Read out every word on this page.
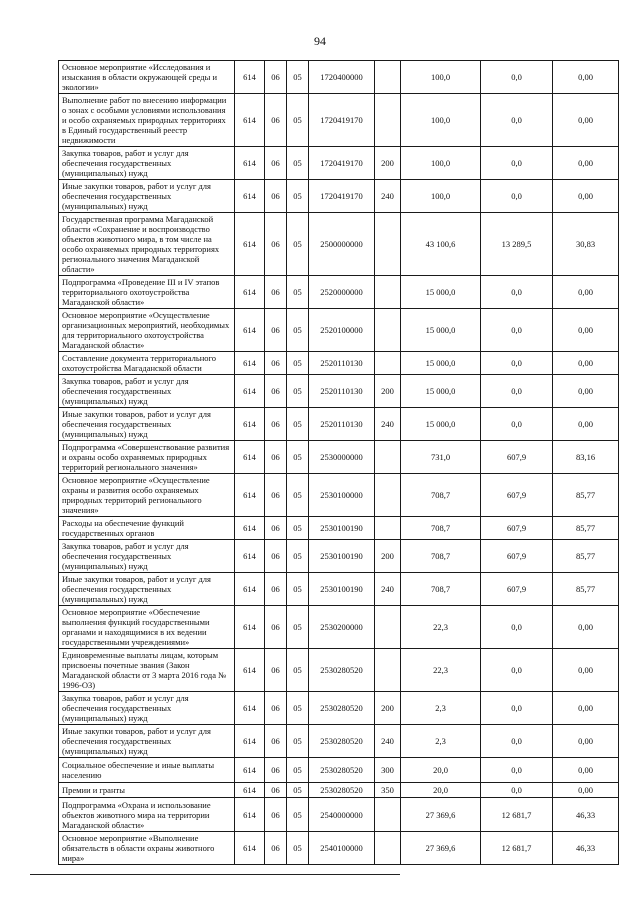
94
Основное мероприятие «Исследования и изыскания в области окружающей среды и экологии»	614	06	05	1720400000		100,0	0,0	0,00
Выполнение работ по внесению информации о зонах с особыми условиями использования и особо охраняемых природных территориях в Единый государственный реестр недвижимости	614	06	05	1720419170		100,0	0,0	0,00
Закупка товаров, работ и услуг для обеспечения государственных (муниципальных) нужд	614	06	05	1720419170	200	100,0	0,0	0,00
Иные закупки товаров, работ и услуг для обеспечения государственных (муниципальных) нужд	614	06	05	1720419170	240	100,0	0,0	0,00
Государственная программа Магаданской области «Сохранение и воспроизводство объектов животного мира, в том числе на особо охраняемых природных территориях регионального значения Магаданской области»	614	06	05	2500000000		43 100,6	13 289,5	30,83
Подпрограмма «Проведение III и IV этапов территориального охотоустройства Магаданской области»	614	06	05	2520000000		15 000,0	0,0	0,00
Основное мероприятие «Осуществление организационных мероприятий, необходимых для территориального охотоустройства Магаданской области»	614	06	05	2520100000		15 000,0	0,0	0,00
Составление документа территориального охотоустройства Магаданской области	614	06	05	2520110130		15 000,0	0,0	0,00
Закупка товаров, работ и услуг для обеспечения государственных (муниципальных) нужд	614	06	05	2520110130	200	15 000,0	0,0	0,00
Иные закупки товаров, работ и услуг для обеспечения государственных (муниципальных) нужд	614	06	05	2520110130	240	15 000,0	0,0	0,00
Подпрограмма «Совершенствование развития и охраны особо охраняемых природных территорий регионального значения»	614	06	05	2530000000		731,0	607,9	83,16
Основное мероприятие «Осуществление охраны и развития особо охраняемых природных территорий регионального значения»	614	06	05	2530100000		708,7	607,9	85,77
Расходы на обеспечение функций государственных органов	614	06	05	2530100190		708,7	607,9	85,77
Закупка товаров, работ и услуг для обеспечения государственных (муниципальных) нужд	614	06	05	2530100190	200	708,7	607,9	85,77
Иные закупки товаров, работ и услуг для обеспечения государственных (муниципальных) нужд	614	06	05	2530100190	240	708,7	607,9	85,77
Основное мероприятие «Обеспечение выполнения функций государственными органами и находящимися в их ведении государственными учреждениями»	614	06	05	2530200000		22,3	0,0	0,00
Единовременные выплаты лицам, которым присвоены почетные звания (Закон Магаданской области от 3 марта 2016 года № 1996-ОЗ)	614	06	05	2530280520		22,3	0,0	0,00
Закупка товаров, работ и услуг для обеспечения государственных (муниципальных) нужд	614	06	05	2530280520	200	2,3	0,0	0,00
Иные закупки товаров, работ и услуг для обеспечения государственных (муниципальных) нужд	614	06	05	2530280520	240	2,3	0,0	0,00
Социальное обеспечение и иные выплаты населению	614	06	05	2530280520	300	20,0	0,0	0,00
Премии и гранты	614	06	05	2530280520	350	20,0	0,0	0,00
Подпрограмма «Охрана и использование объектов животного мира на территории Магаданской области»	614	06	05	2540000000		27 369,6	12 681,7	46,33
Основное мероприятие «Выполнение обязательств в области охраны животного мира»	614	06	05	2540100000		27 369,6	12 681,7	46,33
